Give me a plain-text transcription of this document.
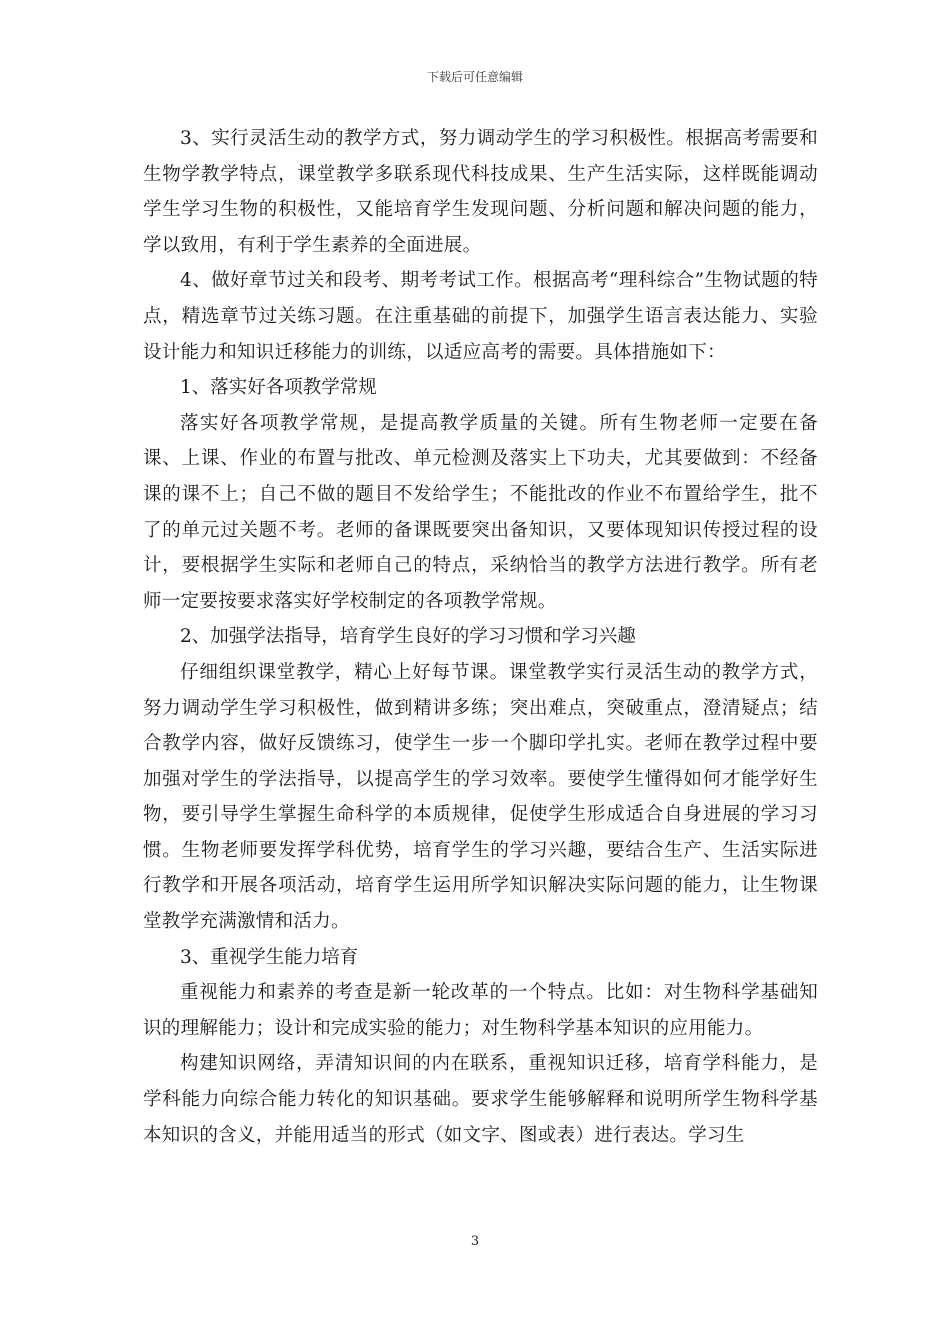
下载后可任意编辑

3、实行灵活生动的教学方式，努力调动学生的学习积极性。根据高考需要和生物学教学特点，课堂教学多联系现代科技成果、生产生活实际，这样既能调动学生学习生物的积极性，又能培育学生发现问题、分析问题和解决问题的能力，学以致用，有利于学生素养的全面进展。

4、做好章节过关和段考、期考考试工作。根据高考“理科综合”生物试题的特点，精选章节过关练习题。在注重基础的前提下，加强学生语言表达能力、实验设计能力和知识迁移能力的训练，以适应高考的需要。具体措施如下：

1、落实好各项教学常规

落实好各项教学常规，是提高教学质量的关键。所有生物老师一定要在备课、上课、作业的布置与批改、单元检测及落实上下功夫，尤其要做到：不经备课的课不上；自己不做的题目不发给学生；不能批改的作业不布置给学生，批不了的单元过关题不考。老师的备课既要突出备知识，又要体现知识传授过程的设计，要根据学生实际和老师自己的特点，采纳恰当的教学方法进行教学。所有老师一定要按要求落实好学校制定的各项教学常规。

2、加强学法指导，培育学生良好的学习习惯和学习兴趣

仔细组织课堂教学，精心上好每节课。课堂教学实行灵活生动的教学方式，努力调动学生学习积极性，做到精讲多练；突出难点，突破重点，澄清疑点；结合教学内容，做好反馈练习，使学生一步一个脚印学扎实。老师在教学过程中要加强对学生的学法指导，以提高学生的学习效率。要使学生懂得如何才能学好生物，要引导学生掌握生命科学的本质规律，促使学生形成适合自身进展的学习习惯。生物老师要发挥学科优势，培育学生的学习兴趣，要结合生产、生活实际进行教学和开展各项活动，培育学生运用所学知识解决实际问题的能力，让生物课堂教学充满激情和活力。

3、重视学生能力培育

重视能力和素养的考查是新一轮改革的一个特点。比如：对生物科学基础知识的理解能力；设计和完成实验的能力；对生物科学基本知识的应用能力。

构建知识网络，弄清知识间的内在联系，重视知识迁移，培育学科能力，是学科能力向综合能力转化的知识基础。要求学生能够解释和说明所学生物科学基本知识的含义，并能用适当的形式（如文字、图或表）进行表达。学习生

3
